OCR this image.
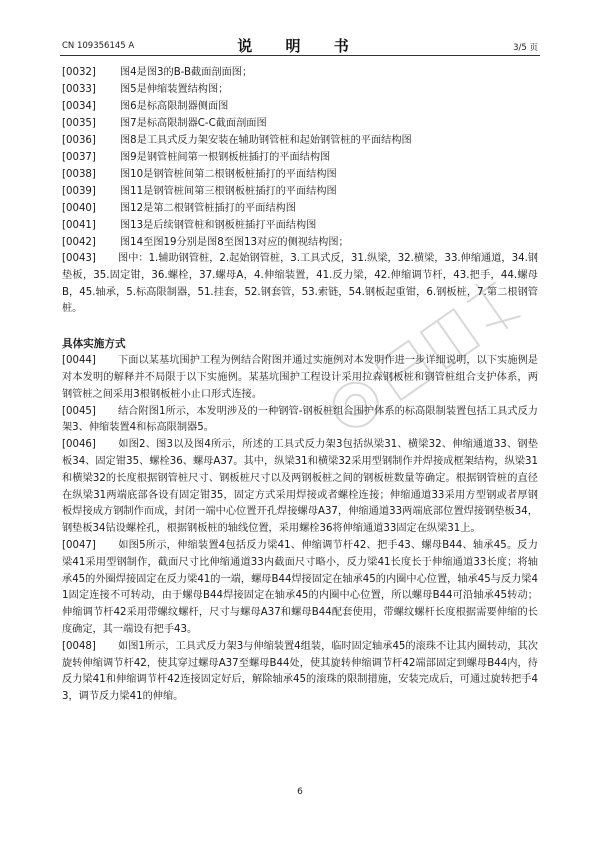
CN 109356145 A	说 明 书	3/5 页
[0032] 图4是图3的B-B截面剖面图；
[0033] 图5是伸缩装置结构图；
[0034] 图6是标高限制器侧面图
[0035] 图7是标高限制器C-C截面剖面图
[0036] 图8是工具式反力架安装在辅助钢管桩和起始钢管桩的平面结构图
[0037] 图9是钢管桩间第一根钢板桩插打的平面结构图
[0038] 图10是钢管桩间第二根钢板桩插打的平面结构图
[0039] 图11是钢管桩间第三根钢板桩插打的平面结构图
[0040] 图12是第二根钢管桩插打的平面结构图
[0041] 图13是后续钢管桩和钢板桩插打平面结构图
[0042] 图14至图19分别是图8至图13对应的侧视结构图；
[0043] 图中：1.辅助钢管桩，2.起始钢管桩，3.工具式反，31.纵梁，32.横梁，33.伸缩通道，34.钢垫板，35.固定钳，36.螺栓，37.螺母A，4.伸缩装置，41.反力梁，42.伸缩调节杆，43.把手，44.螺母B，45.轴承，5.标高限制器，51.挂套，52.钢套管，53.索链，54.钢板起重钳，6.钢板桩，7.第二根钢管桩。
具体实施方式
[0044] 下面以某基坑围护工程为例结合附图并通过实施例对本发明作进一步详细说明，以下实施例是对本发明的解释并不局限于以下实施例。某基坑围护工程设计采用拉森钢板桩和钢管桩组合支护体系，两钢管桩之间采用3根钢板桩小止口形式连接。
[0045] 结合附图1所示，本发明涉及的一种钢管-钢板桩组合围护体系的标高限制装置包括工具式反力架3、伸缩装置4和标高限制器5。
[0046] 如图2、图3以及图4所示，所述的工具式反力架3包括纵梁31、横梁32、伸缩通道33、钢垫板34、固定钳35、螺栓36、螺母A37。其中，纵梁31和横梁32采用型钢制作并焊接成框架结构，纵梁31和横梁32的长度根据钢管桩尺寸、钢板桩尺寸以及两钢板桩之间的钢板桩数量等确定。根据钢管桩的直径在纵梁31两端底部各设有固定钳35，固定方式采用焊接或者螺栓连接；伸缩通道33采用方型钢或者厚钢板焊接成方钢制作而成，封闭一端中心位置开孔焊接螺母A37，伸缩通道33两端底部位置焊接钢垫板34，钢垫板34钻设螺栓孔，根据钢板桩的轴线位置，采用螺栓36将伸缩通道33固定在纵梁31上。
[0047] 如图5所示，伸缩装置4包括反力梁41、伸缩调节杆42、把手43、螺母B44、轴承45。反力梁41采用型钢制作，截面尺寸比伸缩通道33内截面尺寸略小，反力梁41长度长于伸缩通道33长度；将轴承45的外圈焊接固定在反力梁41的一端，螺母B44焊接固定在轴承45的内圈中心位置，轴承45与反力梁41固定连接不可转动，由于螺母B44焊接固定在轴承45的内圈中心位置，所以螺母B44可沿轴承45转动；伸缩调节杆42采用带螺纹螺杆，尺寸与螺母A37和螺母B44配套使用，带螺纹螺杆长度根据需要伸缩的长度确定，其一端设有把手43。
[0048] 如图1所示，工具式反力架3与伸缩装置4组装，临时固定轴承45的滚珠不让其内圈转动，其次旋转伸缩调节杆42，使其穿过螺母A37至螺母B44处，使其旋转伸缩调节杆42端部固定到螺母B44内，待反力梁41和伸缩调节杆42连接固定好后，解除轴承45的滚珠的限制措施，安装完成后，可通过旋转把手43，调节反力梁41的伸缩。
6
